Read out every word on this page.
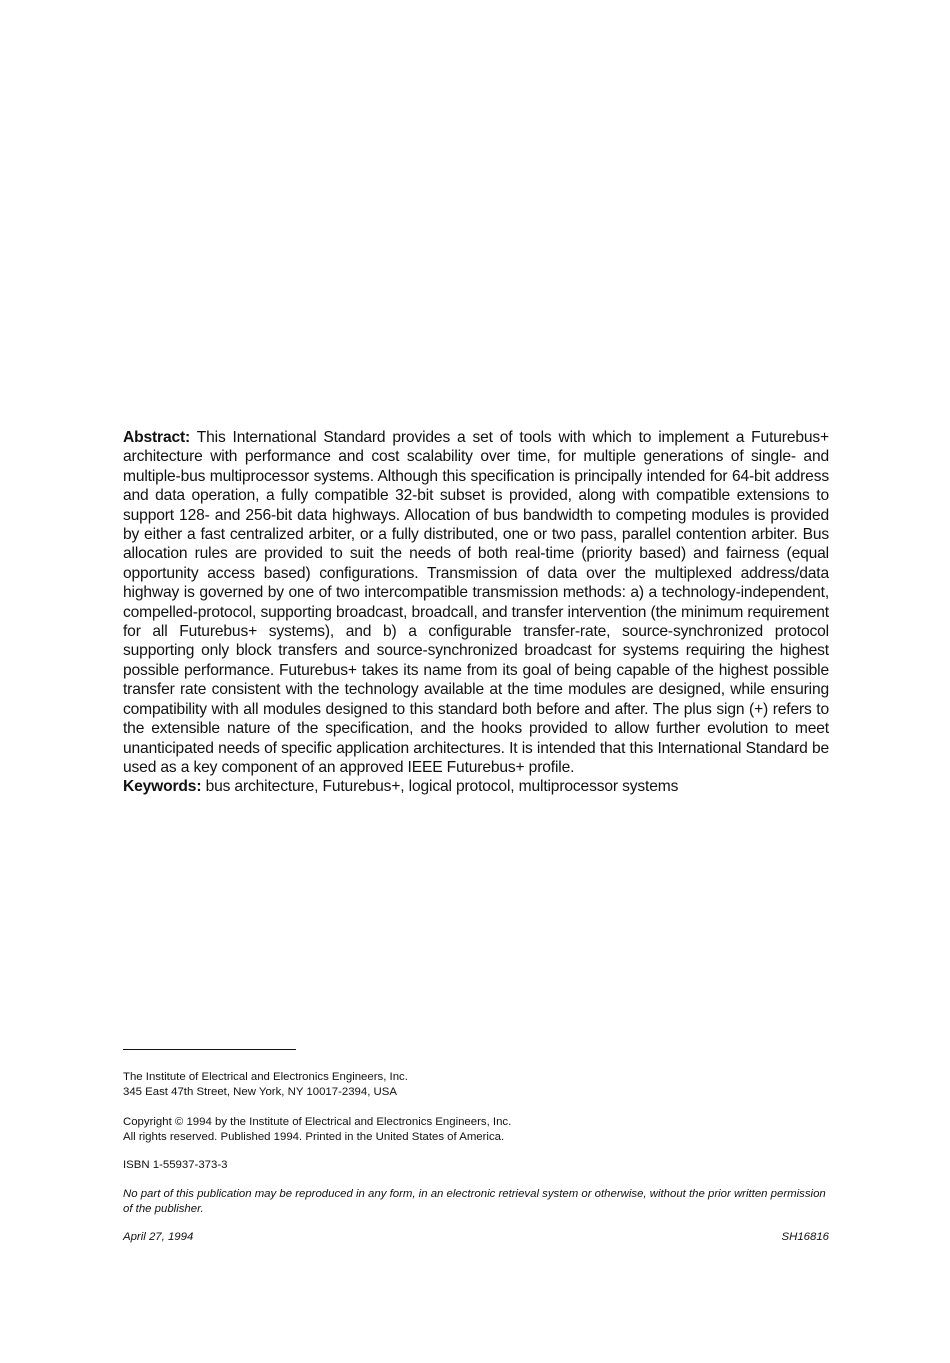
Abstract: This International Standard provides a set of tools with which to implement a Futurebus+ architecture with performance and cost scalability over time, for multiple generations of single- and multiple-bus multiprocessor systems. Although this specification is principally intended for 64-bit address and data operation, a fully compatible 32-bit subset is provided, along with compatible extensions to support 128- and 256-bit data highways. Allocation of bus bandwidth to competing modules is provided by either a fast centralized arbiter, or a fully distributed, one or two pass, parallel contention arbiter. Bus allocation rules are provided to suit the needs of both real-time (priority based) and fairness (equal opportunity access based) configurations. Transmission of data over the multiplexed address/data highway is governed by one of two intercompatible transmission methods: a) a technology-independent, compelled-protocol, supporting broadcast, broadcall, and transfer intervention (the minimum requirement for all Futurebus+ systems), and b) a configurable transfer-rate, source-synchronized protocol supporting only block transfers and source-synchronized broadcast for systems requiring the highest possible performance. Futurebus+ takes its name from its goal of being capable of the highest possible transfer rate consistent with the technology available at the time modules are designed, while ensuring compatibility with all modules designed to this standard both before and after. The plus sign (+) refers to the extensible nature of the specification, and the hooks provided to allow further evolution to meet unanticipated needs of specific application architectures. It is intended that this International Standard be used as a key component of an approved IEEE Futurebus+ profile.

Keywords: bus architecture, Futurebus+, logical protocol, multiprocessor systems

The Institute of Electrical and Electronics Engineers, Inc.

345 East 47th Street, New York, NY 10017-2394, USA

Copyright © 1994 by the Institute of Electrical and Electronics Engineers, Inc.

All rights reserved. Published 1994. Printed in the United States of America.

ISBN 1-55937-373-3

No part of this publication may be reproduced in any form, in an electronic retrieval system or otherwise, without the prior written permission of the publisher.

April 27, 1994	SH16816
